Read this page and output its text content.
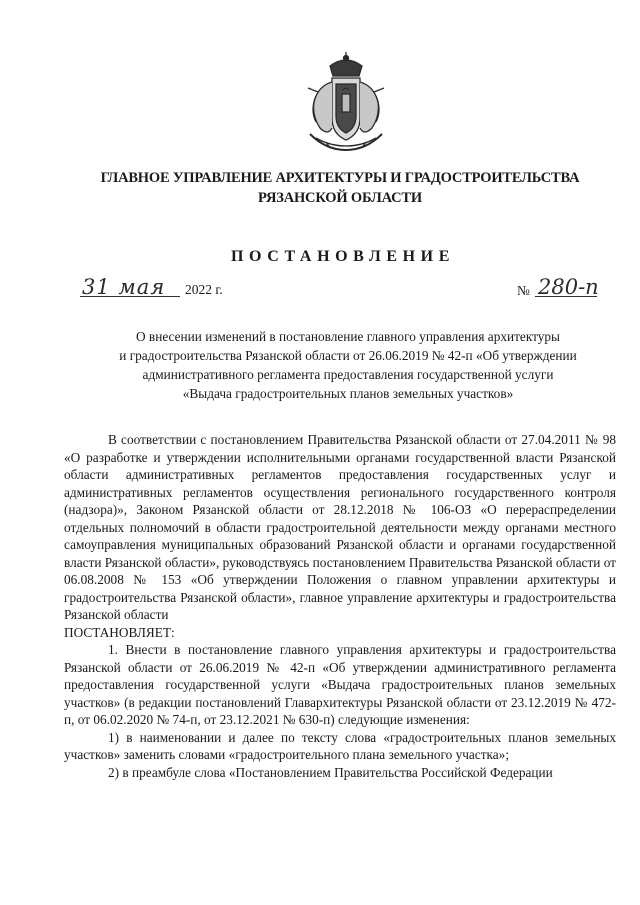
ГЛАВНОЕ УПРАВЛЕНИЕ АРХИТЕКТУРЫ И ГРАДОСТРОИТЕЛЬСТВА
РЯЗАНСКОЙ ОБЛАСТИ
ПОСТАНОВЛЕНИЕ
31 мая 2022 г.	№ 280-п
О внесении изменений в постановление главного управления архитектуры
и градостроительства Рязанской области от 26.06.2019 № 42-п «Об утверждении
административного регламента предоставления государственной услуги
«Выдача градостроительных планов земельных участков»

В соответствии с постановлением Правительства Рязанской области от 27.04.2011 № 98 «О разработке и утверждении исполнительными органами государственной власти Рязанской области административных регламентов предоставления государственных услуг и административных регламентов осуществления регионального государственного контроля (надзора)», Законом Рязанской области от 28.12.2018 № 106-ОЗ «О перераспределении отдельных полномочий в области градостроительной деятельности между органами местного самоуправления муниципальных образований Рязанской области и органами государственной власти Рязанской области», руководствуясь постановлением Правительства Рязанской области от 06.08.2008 № 153 «Об утверждении Положения о главном управлении архитектуры и градостроительства Рязанской области», главное управление архитектуры и градостроительства Рязанской области

ПОСТАНОВЛЯЕТ:

1. Внести в постановление главного управления архитектуры и градостроительства Рязанской области от 26.06.2019 № 42-п «Об утверждении административного регламента предоставления государственной услуги «Выдача градостроительных планов земельных участков» (в редакции постановлений Главархитектуры Рязанской области от 23.12.2019 № 472-п, от 06.02.2020 № 74-п, от 23.12.2021 № 630-п) следующие изменения:

1) в наименовании и далее по тексту слова «градостроительных планов земельных участков» заменить словами «градостроительного плана земельного участка»;

2) в преамбуле слова «Постановлением Правительства Российской Федерации
